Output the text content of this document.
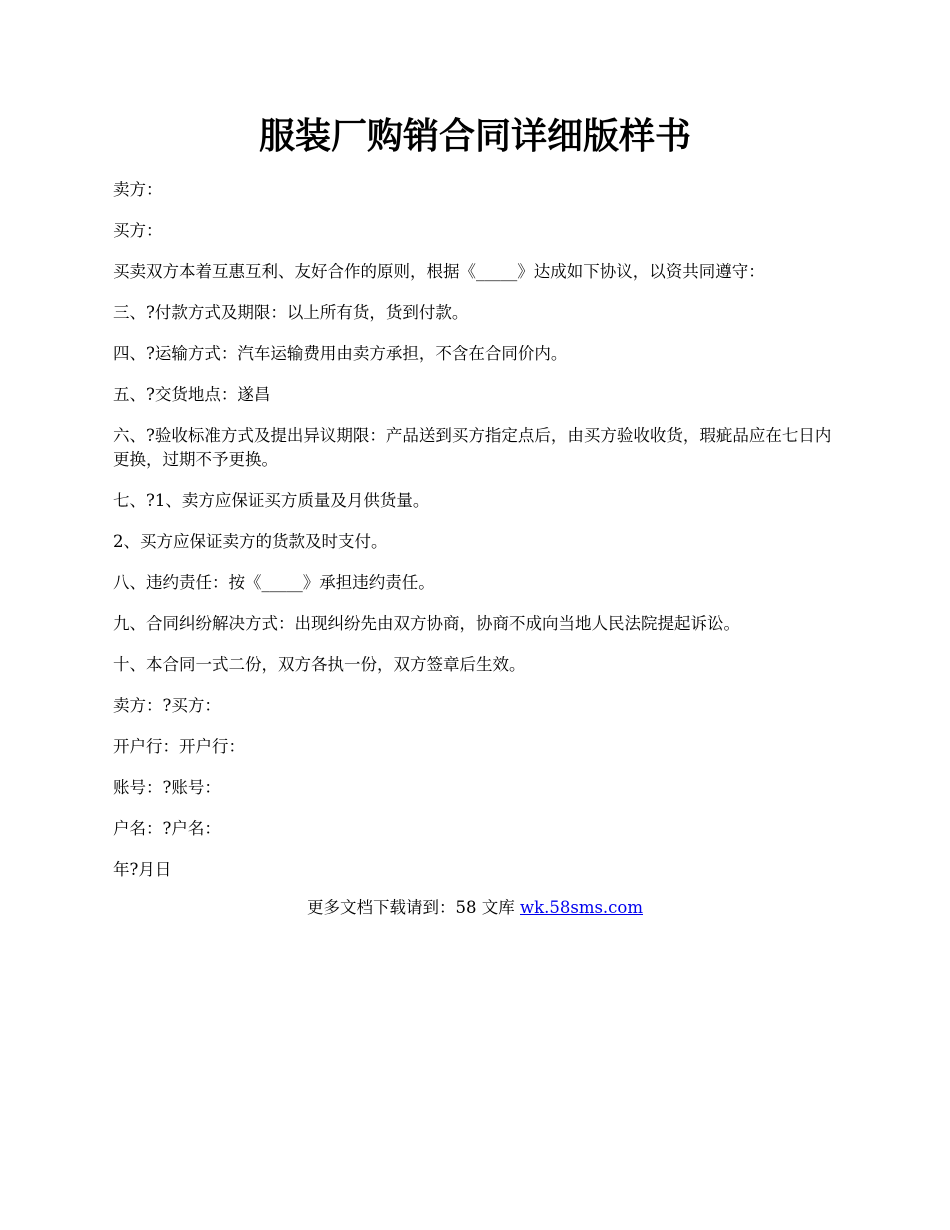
服装厂购销合同详细版样书

卖方：

买方：

买卖双方本着互惠互利、友好合作的原则，根据《_____》达成如下协议，以资共同遵守：

三、?付款方式及期限：以上所有货，货到付款。

四、?运输方式：汽车运输费用由卖方承担，不含在合同价内。

五、?交货地点：遂昌

六、?验收标准方式及提出异议期限：产品送到买方指定点后，由买方验收收货，瑕疵品应在七日内更换，过期不予更换。

七、?1、卖方应保证买方质量及月供货量。

2、买方应保证卖方的货款及时支付。

八、违约责任：按《_____》承担违约责任。

九、合同纠纷解决方式：出现纠纷先由双方协商，协商不成向当地人民法院提起诉讼。

十、本合同一式二份，双方各执一份，双方签章后生效。

卖方：?买方：

开户行：开户行：

账号：?账号：

户名：?户名：

年?月日

更多文档下载请到：58 文库 wk.58sms.com
